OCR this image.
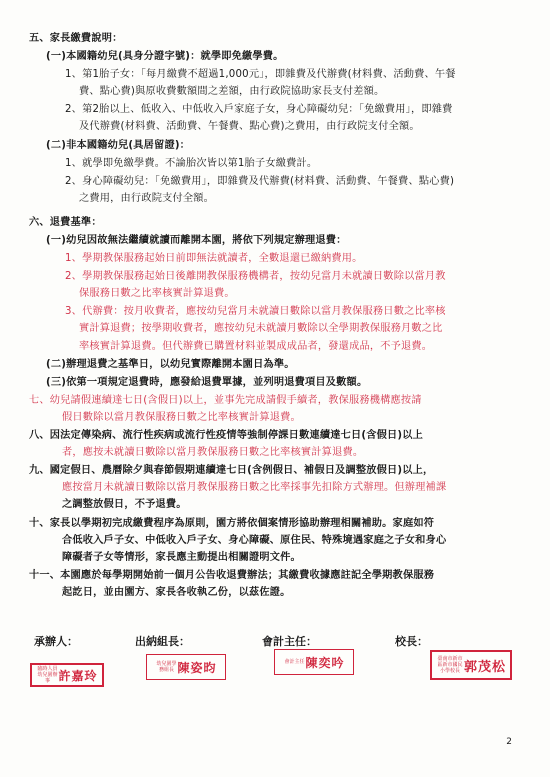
五、家長繳費說明：
(一)本國籍幼兒(具身分證字號)：就學即免繳學費。
1、第1胎子女：「每月繳費不超過1,000元」，即雜費及代辦費(材料費、活動費、午餐
費、點心費)與原收費數額間之差額，由行政院協助家長支付差額。
2、第2胎以上、低收入、中低收入戶家庭子女，身心障礙幼兒：「免繳費用」，即雜費
及代辦費(材料費、活動費、午餐費、點心費)之費用，由行政院支付全額。
(二)非本國籍幼兒(具居留證)：
1、就學即免繳學費。不論胎次皆以第1胎子女繳費計。
2、身心障礙幼兒：「免繳費用」，即雜費及代辦費(材料費、活動費、午餐費、點心費)
之費用，由行政院支付全額。
六、退費基準：
(一)幼兒因故無法繼續就讀而離開本園，將依下列規定辦理退費：
1、學期教保服務起始日前即無法就讀者，全數退還已繳納費用。
2、學期教保服務起始日後離開教保服務機構者，按幼兒當月未就讀日數除以當月教
保服務日數之比率核實計算退費。
3、代辦費：按月收費者，應按幼兒當月未就讀日數除以當月教保服務日數之比率核
實計算退費；按學期收費者，應按幼兒未就讀月數除以全學期教保服務月數之比
率核實計算退費。但代辦費已購置材料並製成成品者，發還成品，不予退費。
(二)辦理退費之基準日，以幼兒實際離開本園日為準。
(三)依第一項規定退費時，應發給退費單據，並列明退費項目及數額。
七、幼兒請假連續達七日(含假日)以上，並事先完成請假手續者，教保服務機構應按請
假日數除以當月教保服務日數之比率核實計算退費。
八、因法定傳染病、流行性疾病或流行性疫情等強制停課日數連續達七日(含假日)以上
者，應按未就讀日數除以當月教保服務日數之比率核實計算退費。
九、國定假日、農曆除夕與春節假期連續達七日(含例假日、補假日及調整放假日)以上，
應按當月未就讀日數除以當月教保服務日數之比率採事先扣除方式辦理。但辦理補課
之調整放假日，不予退費。
十、家長以學期初完成繳費程序為原則，園方將依個案情形協助辦理相關補助。家庭如符
合低收入戶子女、中低收入戶子女、身心障礙、原住民、特殊境遇家庭之子女和身心
障礙者子女等情形，家長應主動提出相關證明文件。
十一、本園應於每學期開始前一個月公告收退費辦法；其繳費收據應註記全學期教保服務
起訖日，並由園方、家長各收執乙份，以茲佐證。
承辦人：	出納組長：	會計主任：	校長：
臨時人員幼兒園辦事 許嘉玲
幼兒園學務組長 陳姿昀	會計主任 陳奕吟	臺南市新市區新市國民小學校長 郭茂松
2
